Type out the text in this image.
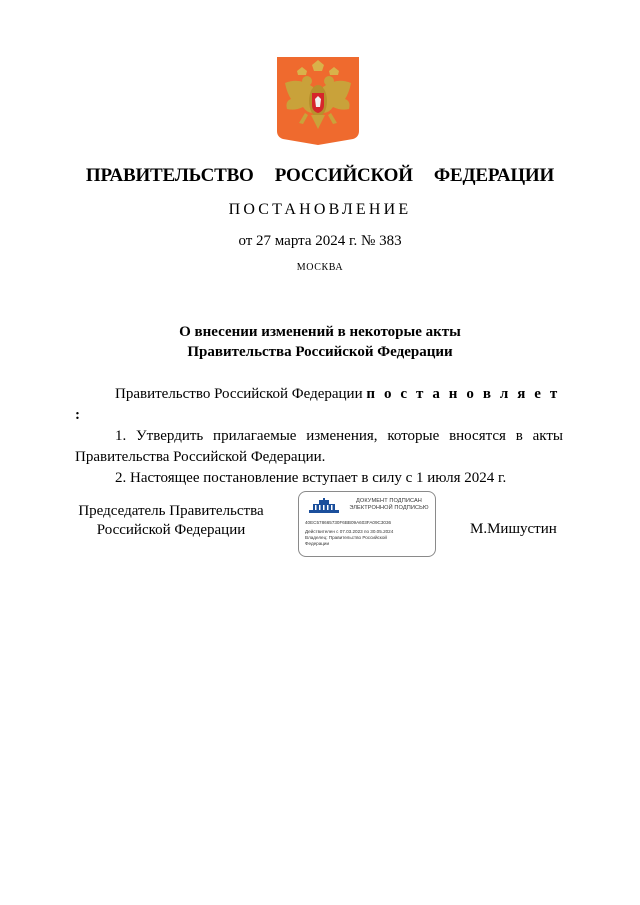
ПРАВИТЕЛЬСТВО  РОССИЙСКОЙ  ФЕДЕРАЦИИ
ПОСТАНОВЛЕНИЕ
от 27 марта 2024 г. № 383
МОСКВА
О внесении изменений в некоторые акты
Правительства Российской Федерации

Правительство Российской Федерации п о с т а н о в л я е т :

1. Утвердить прилагаемые изменения, которые вносятся в акты Правительства Российской Федерации.

2. Настоящее постановление вступает в силу с 1 июля 2024 г.

Председатель Правительства
Российской Федерации
ДОКУМЕНТ ПОДПИСАН
ЭЛЕКТРОННОЙ ПОДПИСЬЮ
40EC578665730F6BB09A603FA09C3036
Действителен с 07.03.2023 по 30.05.2024
Владелец: Правительство Российской
Федерации
М.Мишустин
